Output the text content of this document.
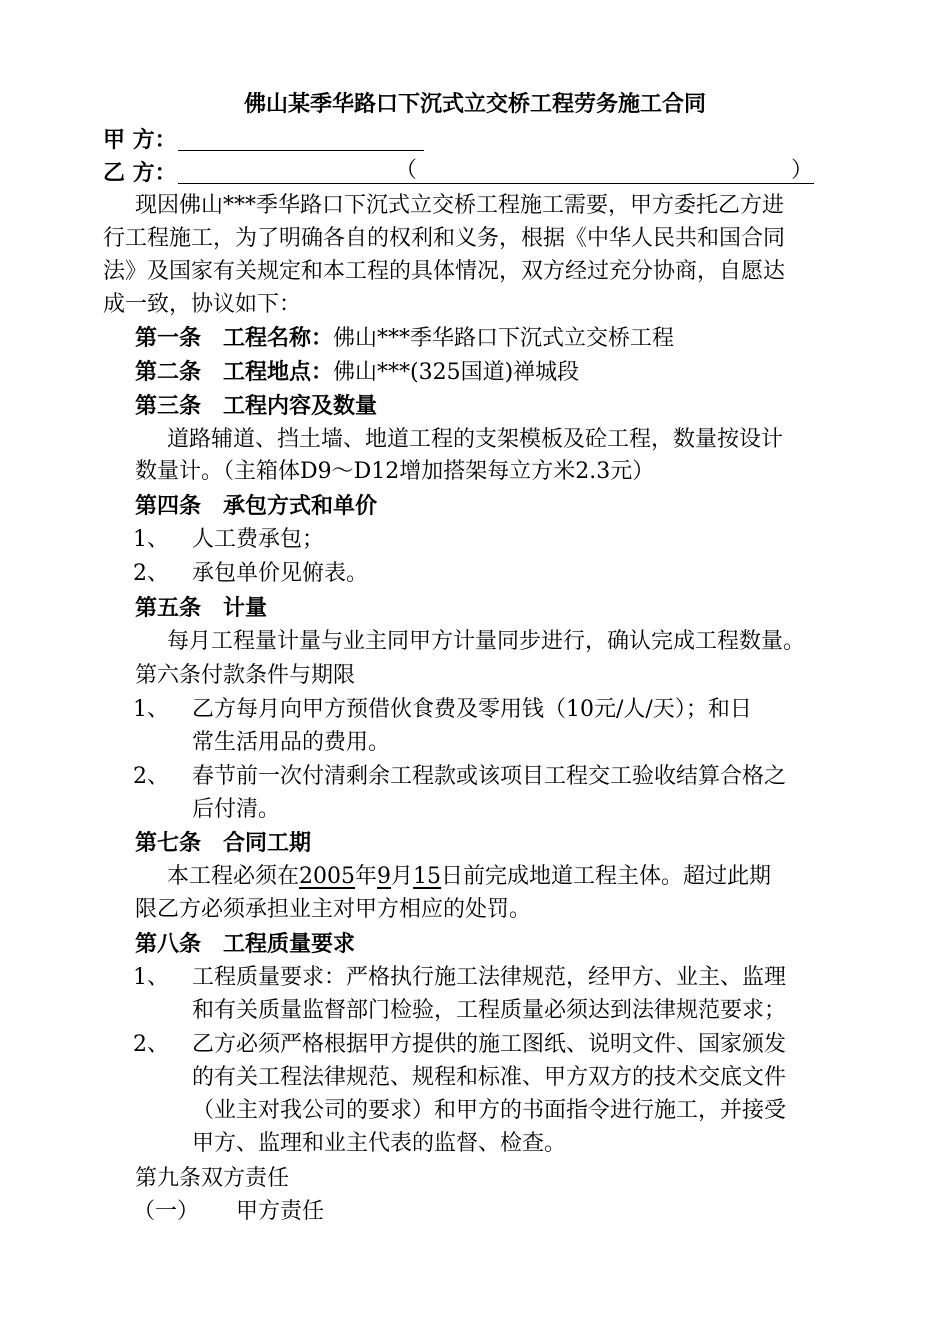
佛山某季华路口下沉式立交桥工程劳务施工合同
甲 方：
乙 方：	（	）
现因佛山***季华路口下沉式立交桥工程施工需要，甲方委托乙方进
行工程施工，为了明确各自的权利和义务，根据《中华人民共和国合同
法》及国家有关规定和本工程的具体情况，双方经过充分协商，自愿达
成一致，协议如下：
第一条　工程名称：佛山***季华路口下沉式立交桥工程
第二条　工程地点：佛山***(325国道)禅城段
第三条　工程内容及数量
道路辅道、挡土墙、地道工程的支架模板及砼工程，数量按设计
数量计。（主箱体D9～D12增加搭架每立方米2.3元）
第四条　承包方式和单价
1、 人工费承包；
2、 承包单价见俯表。
第五条　计量
每月工程量计量与业主同甲方计量同步进行，确认完成工程数量。
第六条付款条件与期限
1、 乙方每月向甲方预借伙食费及零用钱（10元/人/天）；和日
常生活用品的费用。
2、 春节前一次付清剩余工程款或该项目工程交工验收结算合格之
后付清。
第七条　合同工期
本工程必须在2005年9月15日前完成地道工程主体。超过此期
限乙方必须承担业主对甲方相应的处罚。
第八条　工程质量要求
1、 工程质量要求：严格执行施工法律规范，经甲方、业主、监理
和有关质量监督部门检验，工程质量必须达到法律规范要求；
2、 乙方必须严格根据甲方提供的施工图纸、说明文件、国家颁发
的有关工程法律规范、规程和标准、甲方双方的技术交底文件
（业主对我公司的要求）和甲方的书面指令进行施工，并接受
甲方、监理和业主代表的监督、检查。
第九条双方责任
（一） 甲方责任
